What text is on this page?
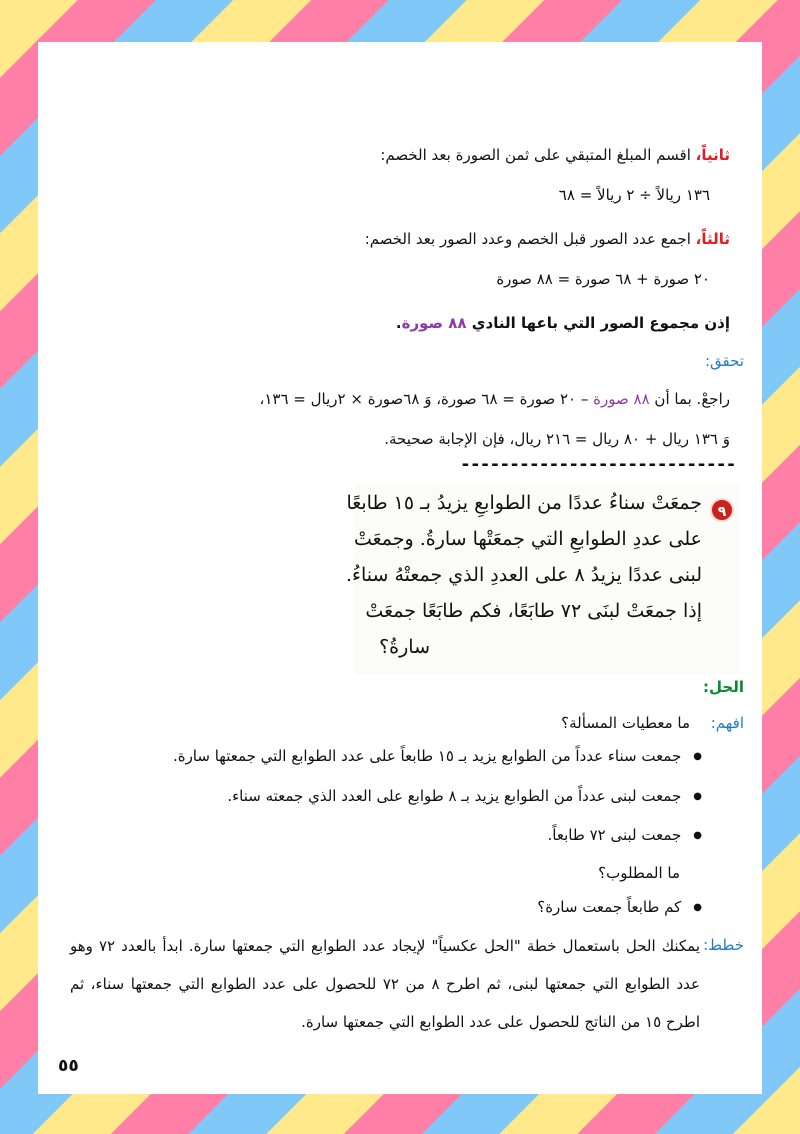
ثانياً، اقسم المبلغ المتبقي على ثمن الصورة بعد الخصم:
١٣٦ ريالاً ÷ ٢ ريالاً = ٦٨
ثالثاً، اجمع عدد الصور قبل الخصم وعدد الصور بعد الخصم:
٢٠ صورة + ٦٨ صورة = ٨٨ صورة
إذن مجموع الصور التي باعها النادي ٨٨ صورة.
تحقق:
راجعْ. بما أن ٨٨ صورة – ٢٠ صورة = ٦٨ صورة، وَ ٦٨صورة × ٢ريال = ١٣٦،
وَ ١٣٦ ريال + ٨٠ ريال = ٢١٦ ريال، فإن الإجابة صحيحة.
----------------------------
٩
جمعَتْ سناءُ عددًا من الطوابعِ يزيدُ بـ ١٥ طابعًا
على عددِ الطوابعِ التي جمعَتْها سارةُ. وجمعَتْ
لبنى عددًا يزيدُ ٨ على العددِ الذي جمعتْهُ سناءُ.
إذا جمعَتْ لبنَى ٧٢ طابَعًا، فكم طابَعًا جمعَتْ
سارةُ؟
الحل:
افهم:
ما معطيات المسألة؟
● جمعت سناء عدداً من الطوابع يزيد بـ ١٥ طابعاً على عدد الطوابع التي جمعتها سارة.
● جمعت لبنى عدداً من الطوابع يزيد بـ ٨ طوابع على العدد الذي جمعته سناء.
● جمعت لبنى ٧٢ طابعاً.
ما المطلوب؟
● كم طابعاً جمعت سارة؟
خطط:
يمكنك الحل باستعمال خطة "الحل عكسياً" لإيجاد عدد الطوابع التي جمعتها سارة. ابدأ بالعدد ٧٢ وهو عدد الطوابع التي جمعتها لبنى، ثم اطرح ٨ من ٧٢ للحصول على عدد الطوابع التي جمعتها سناء، ثم اطرح ١٥ من الناتج للحصول على عدد الطوابع التي جمعتها سارة.
٥٥
